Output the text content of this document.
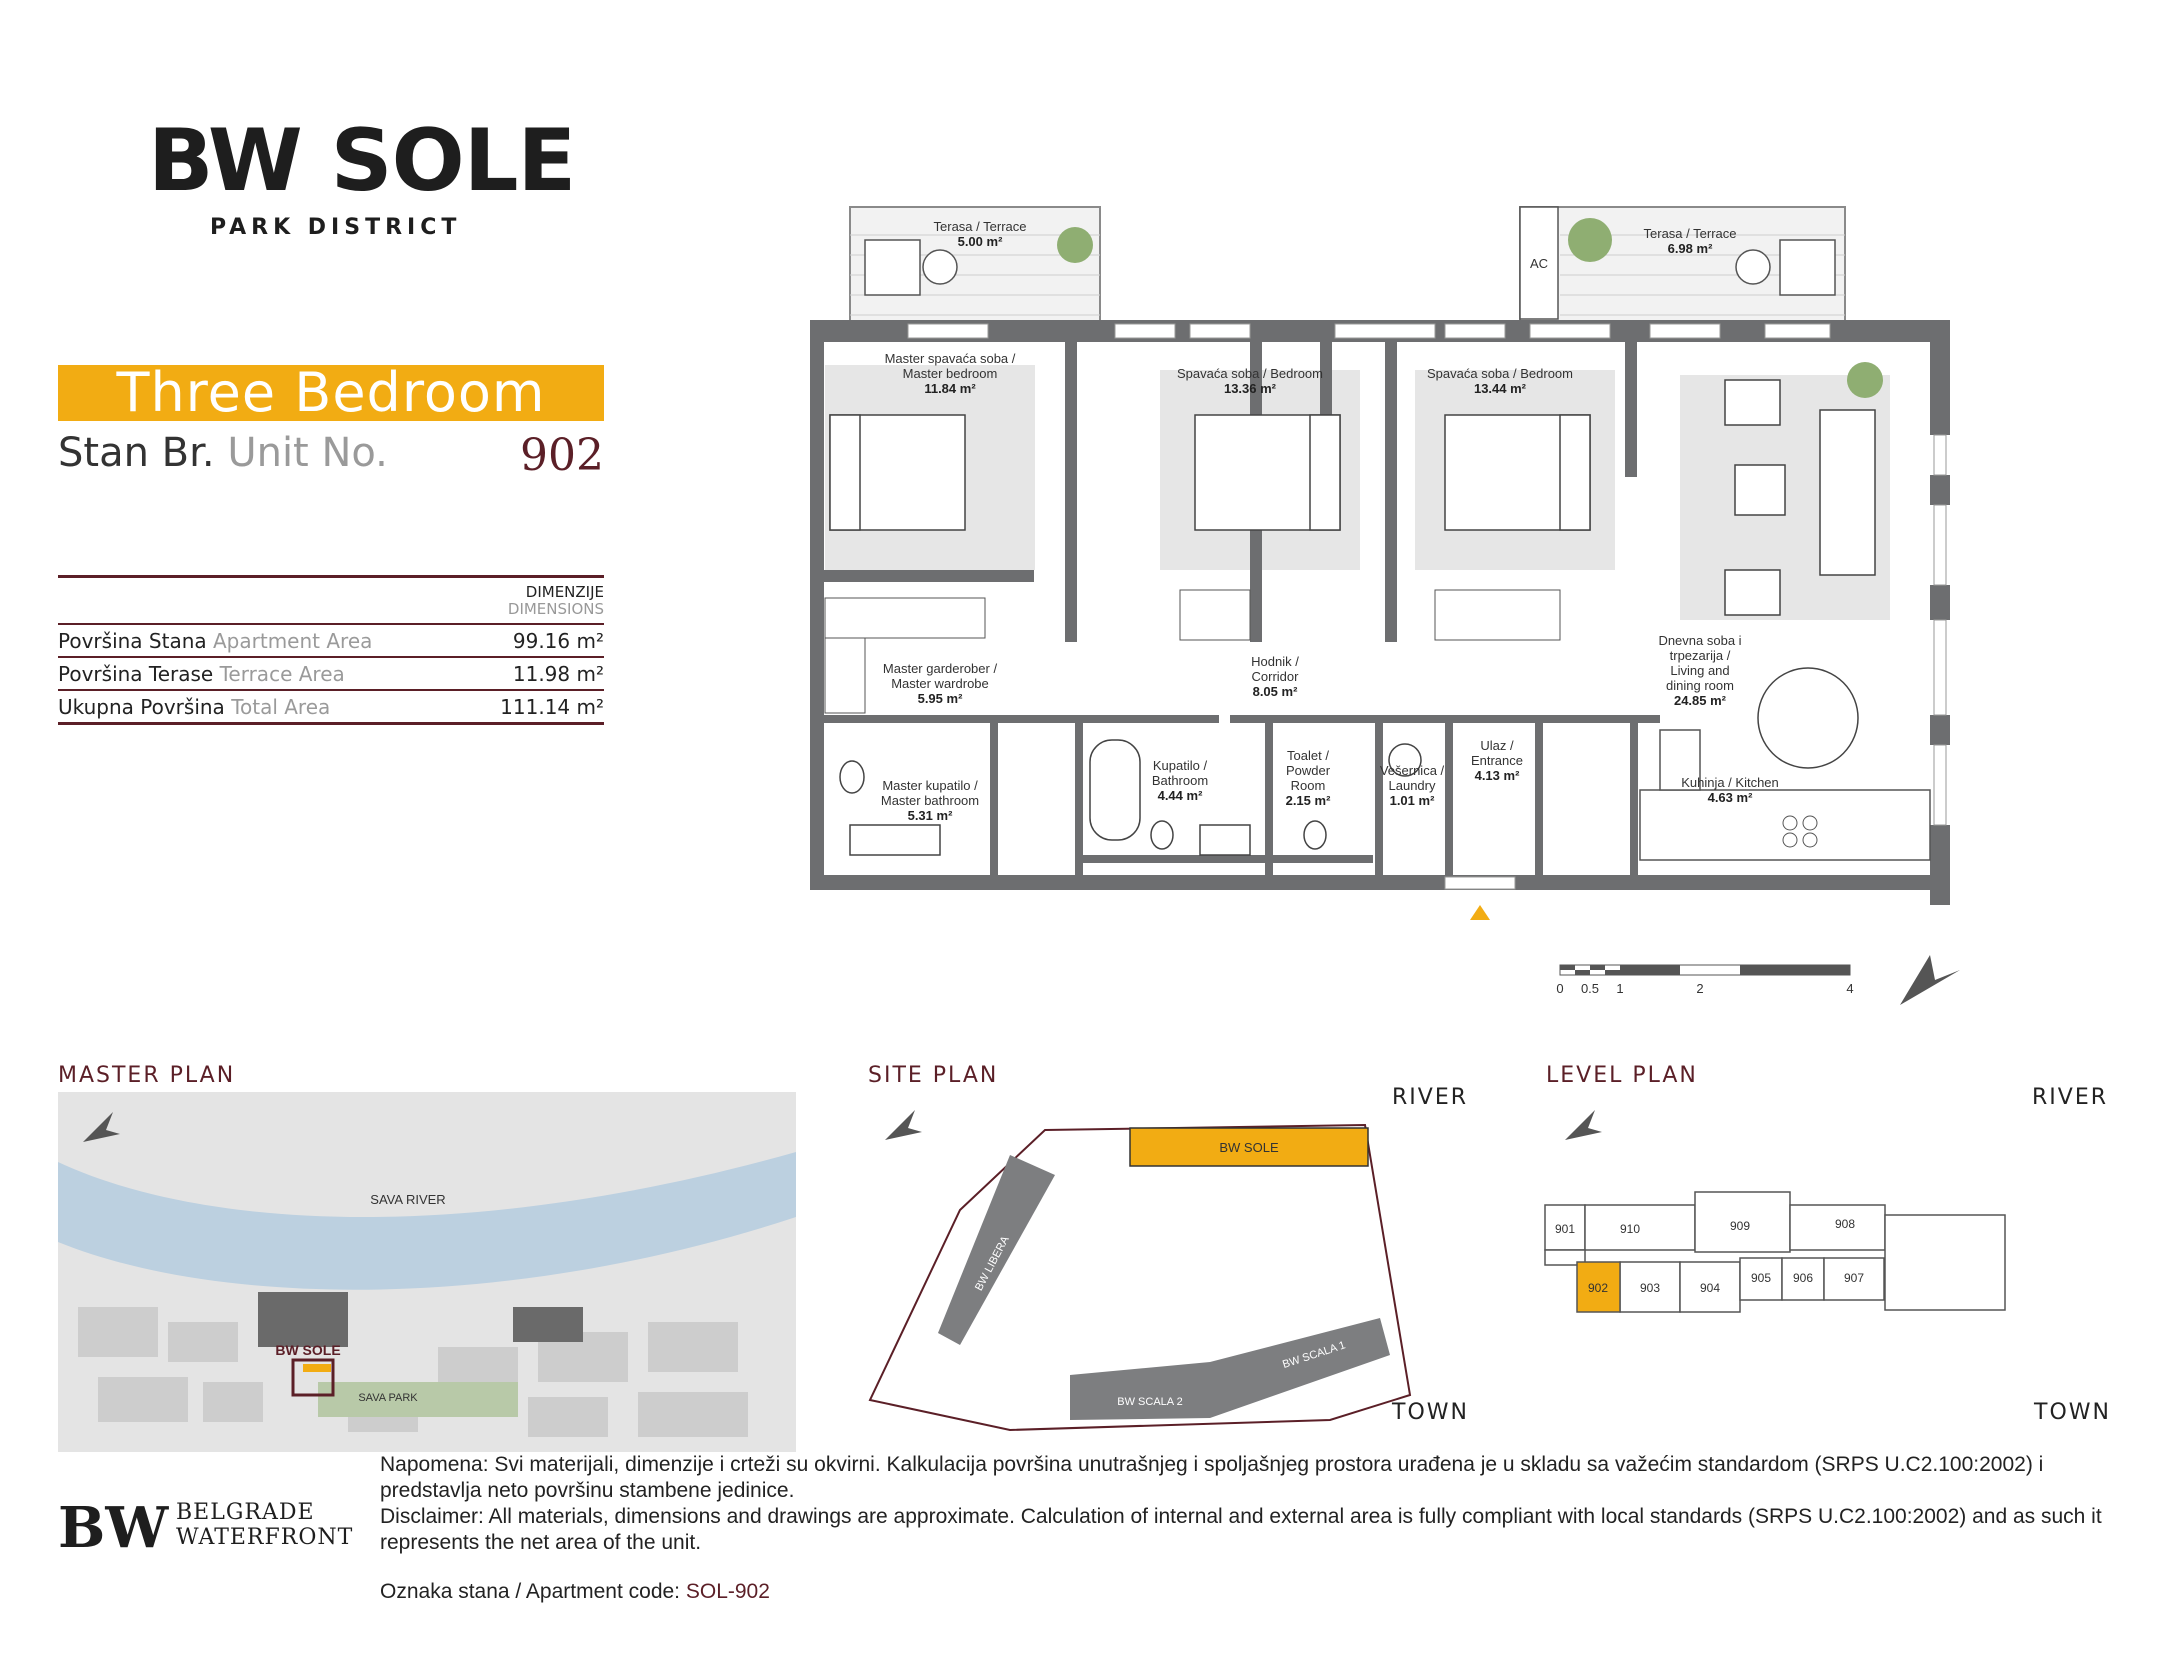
BW SOLE
PARK DISTRICT
Three Bedroom
Stan Br. Unit No.	902
DIMENZIJE
DIMENSIONS	

Površina Stana Apartment Area	99.16 m²
Površina Terase Terrace Area	11.98 m²
Ukupna Površina Total Area	111.14 m²
Terasa / Terrace
5.00 m²
AC
Terasa / Terrace
6.98 m²
Master spavaća soba /
Master bedroom
11.84 m²
Spavaća soba / Bedroom
13.36 m²
Spavaća soba / Bedroom
13.44 m²
Master garderober /
Master wardrobe
5.95 m²
Hodnik /
Corridor
8.05 m²
Dnevna soba i
trpezarija /
Living and
dining room
24.85 m²
Master kupatilo /
Master bathroom
5.31 m²
Kupatilo /
Bathroom
4.44 m²
Toalet /
Powder
Room
2.15 m²
Vešernica /
Laundry
1.01 m²
Ulaz /
Entrance
4.13 m²	Kuhinja / Kitchen
4.63 m²
0 0.5 1	2	4
MASTER PLAN
SAVA RIVER
BW SOLE
SAVA PARK
SITE PLAN
RIVER
TOWN
BW SOLE
BW LIBERA
BW SCALA 2
BW SCALA 1
LEVEL PLAN
RIVER
TOWN
901	910	909	908
902	903	904
905 906	907
BW BELGRADE
WATERFRONT

Napomena: Svi materijali, dimenzije i crteži su okvirni. Kalkulacija površina unutrašnjeg i spoljašnjeg prostora urađena je u skladu sa važećim standardom (SRPS U.C2.100:2002) i predstavlja neto površinu stambene jedinice.

Disclaimer: All materials, dimensions and drawings are approximate. Calculation of internal and external area is fully compliant with local standards (SRPS U.C2.100:2002) and as such it represents the net area of the unit.

Oznaka stana / Apartment code: SOL-902
